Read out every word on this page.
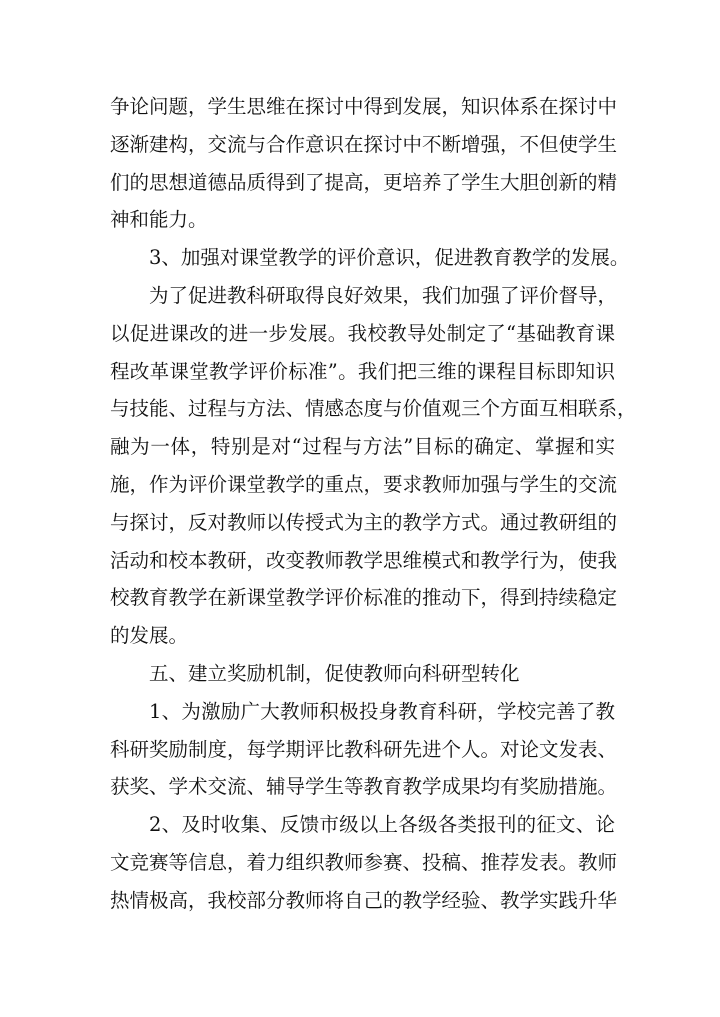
争论问题，学生思维在探讨中得到发展，知识体系在探讨中
逐渐建构，交流与合作意识在探讨中不断增强，不但使学生
们的思想道德品质得到了提高，更培养了学生大胆创新的精
神和能力。
3、加强对课堂教学的评价意识，促进教育教学的发展。
为了促进教科研取得良好效果，我们加强了评价督导，
以促进课改的进一步发展。我校教导处制定了“基础教育课
程改革课堂教学评价标准”。我们把三维的课程目标即知识
与技能、过程与方法、情感态度与价值观三个方面互相联系，
融为一体，特别是对“过程与方法”目标的确定、掌握和实
施，作为评价课堂教学的重点，要求教师加强与学生的交流
与探讨，反对教师以传授式为主的教学方式。通过教研组的
活动和校本教研，改变教师教学思维模式和教学行为，使我
校教育教学在新课堂教学评价标准的推动下，得到持续稳定
的发展。
五、建立奖励机制，促使教师向科研型转化
1、为激励广大教师积极投身教育科研，学校完善了教
科研奖励制度，每学期评比教科研先进个人。对论文发表、
获奖、学术交流、辅导学生等教育教学成果均有奖励措施。
2、及时收集、反馈市级以上各级各类报刊的征文、论
文竞赛等信息，着力组织教师参赛、投稿、推荐发表。教师
热情极高，我校部分教师将自己的教学经验、教学实践升华
